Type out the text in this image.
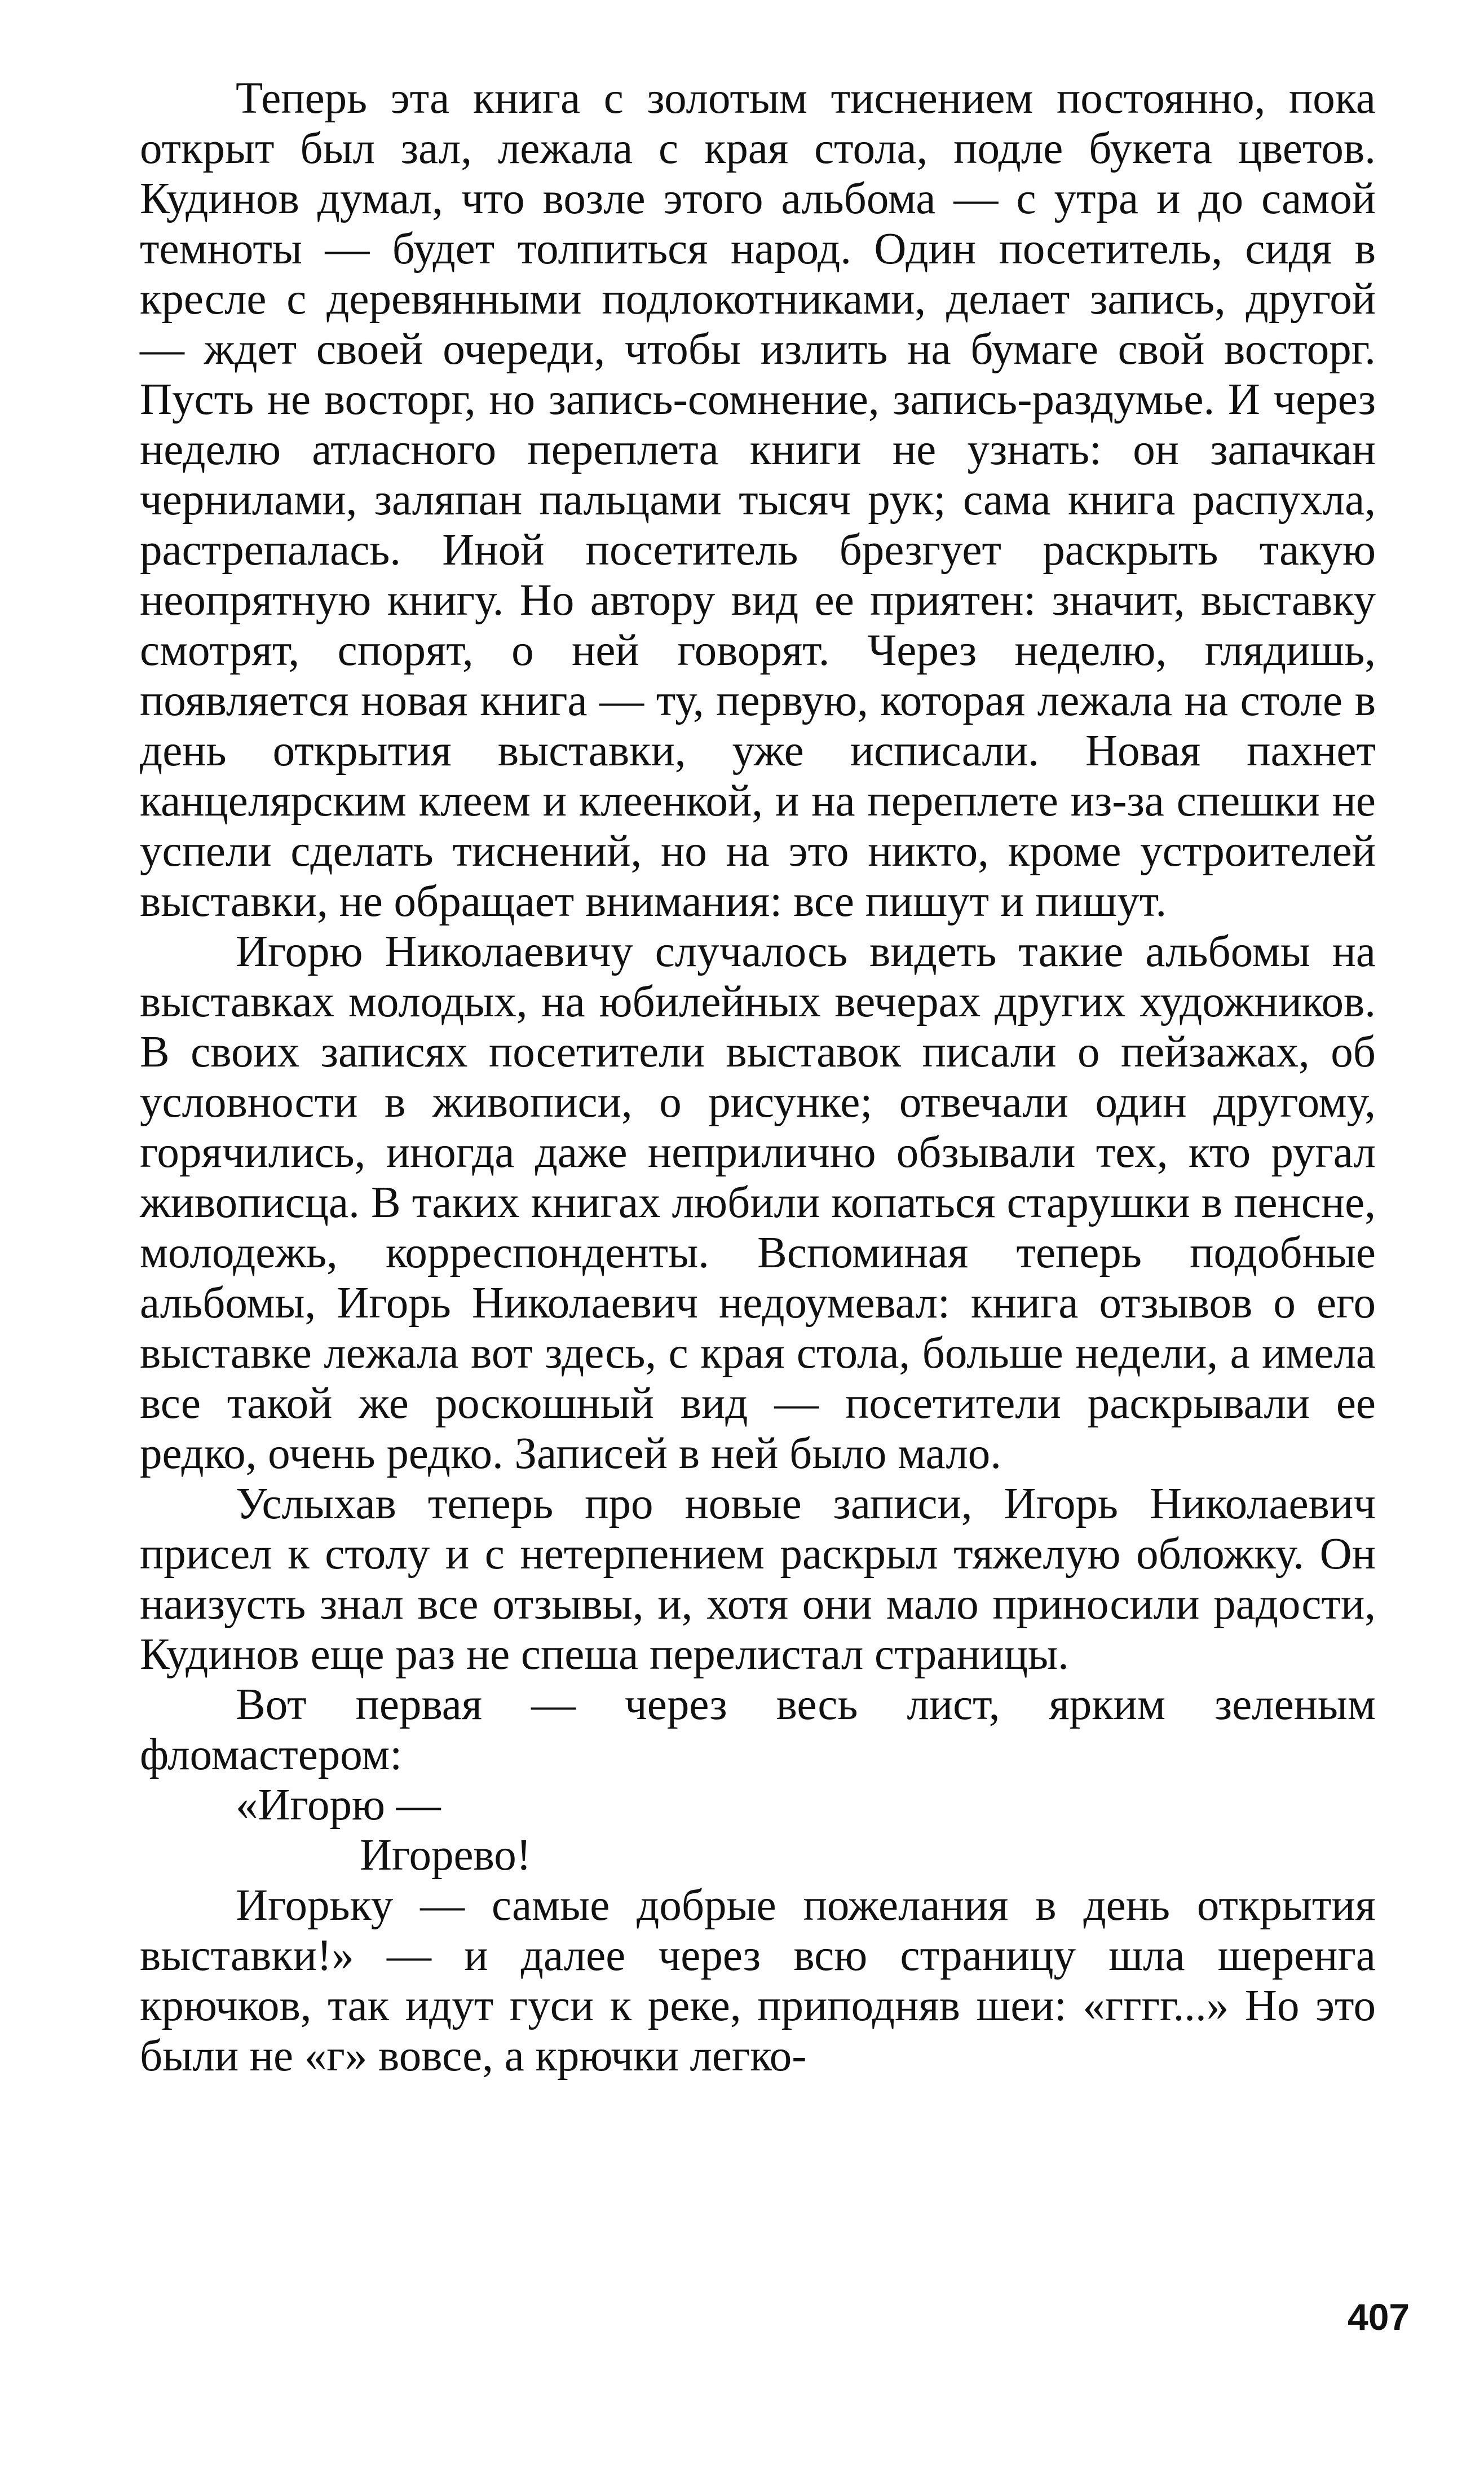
Теперь эта книга с золотым тиснением постоянно, пока открыт был зал, лежала с края стола, подле букета цветов. Кудинов думал, что возле этого альбома — с утра и до самой темноты — будет толпиться народ. Один посетитель, сидя в кресле с деревянными подлокотниками, делает запись, другой — ждет своей очереди, чтобы излить на бумаге свой восторг. Пусть не восторг, но запись-сомнение, запись-раздумье. И через неделю атласного переплета книги не узнать: он запачкан чернилами, заляпан пальцами тысяч рук; сама книга распухла, растрепалась. Иной посетитель брезгует раскрыть такую неопрятную книгу. Но автору вид ее приятен: значит, выставку смотрят, спорят, о ней говорят. Через неделю, глядишь, появляется новая книга — ту, первую, которая лежала на столе в день открытия выставки, уже исписали. Новая пахнет канцелярским клеем и клеенкой, и на переплете из-за спешки не успели сделать тиснений, но на это никто, кроме устроителей выставки, не обращает внимания: все пишут и пишут.

Игорю Николаевичу случалось видеть такие альбомы на выставках молодых, на юбилейных вечерах других художников. В своих записях посетители выставок писали о пейзажах, об условности в живописи, о рисунке; отвечали один другому, горячились, иногда даже неприлично обзывали тех, кто ругал живописца. В таких книгах любили копаться старушки в пенсне, молодежь, корреспонденты. Вспоминая теперь подобные альбомы, Игорь Николаевич недоумевал: книга отзывов о его выставке лежала вот здесь, с края стола, больше недели, а имела все такой же роскошный вид — посетители раскрывали ее редко, очень редко. Записей в ней было мало.

Услыхав теперь про новые записи, Игорь Николаевич присел к столу и с нетерпением раскрыл тяжелую обложку. Он наизусть знал все отзывы, и, хотя они мало приносили радости, Кудинов еще раз не спеша перелистал страницы.

Вот первая — через весь лист, ярким зеленым фломастером:

«Игорю —

Игорево!

Игорьку — самые добрые пожелания в день открытия выставки!» — и далее через всю страницу шла шеренга крючков, так идут гуси к реке, приподняв шеи: «гггг...» Но это были не «г» вовсе, а крючки легко-

407
